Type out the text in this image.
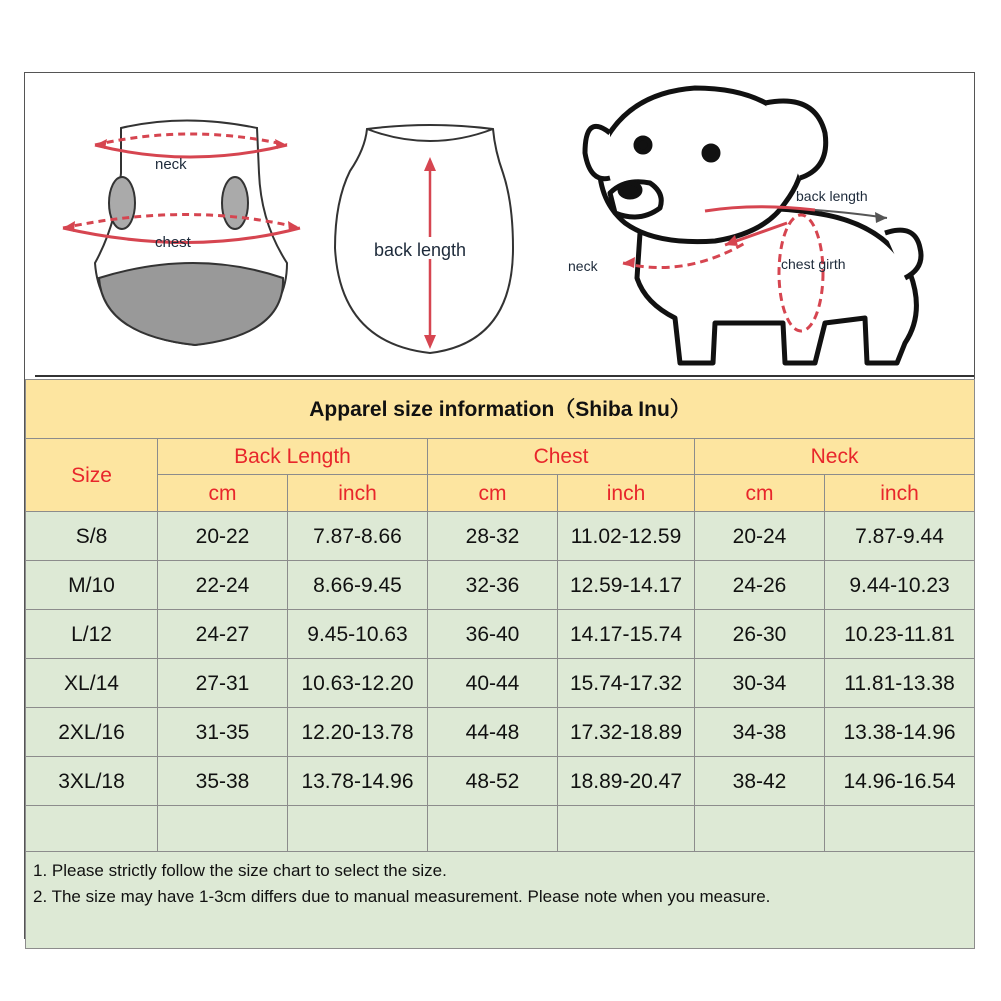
neck
chest	back length
back length
neck	chest girth
Apparel size information（Shiba Inu）						
Size	Back Length		Chest		Neck	
	cm	inch	cm	inch	cm	inch
S/8	20-22	7.87-8.66	28-32	11.02-12.59	20-24	7.87-9.44
M/10	22-24	8.66-9.45	32-36	12.59-14.17	24-26	9.44-10.23
L/12	24-27	9.45-10.63	36-40	14.17-15.74	26-30	10.23-11.81
XL/14	27-31	10.63-12.20	40-44	15.74-17.32	30-34	11.81-13.38
2XL/16	31-35	12.20-13.78	44-48	17.32-18.89	34-38	13.38-14.96
3XL/18	35-38	13.78-14.96	48-52	18.89-20.47	38-42	14.96-16.54

1. Please strictly follow the size chart to select the size.
2. The size may have 1-3cm differs due to manual measurement. Please note when you measure.						
